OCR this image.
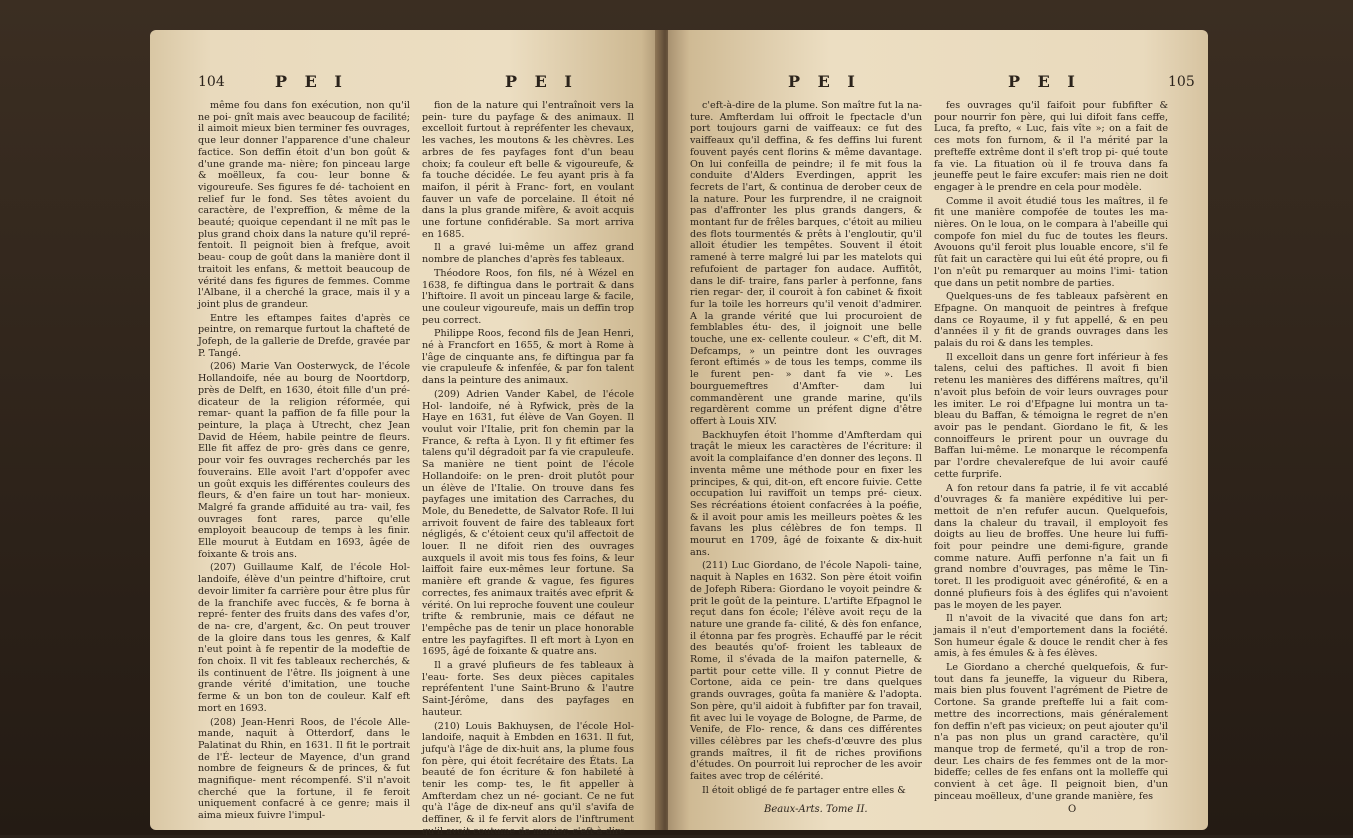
104	P E I	P E I

même fou dans fon exécution, non qu'il ne poi- gnît mais avec beaucoup de facilité; il aimoit mieux bien terminer fes ouvrages, que leur donner l'apparence d'une chaleur factice. Son deffin étoit d'un bon goût & d'une grande ma- nière; fon pinceau large & moëlleux, fa cou- leur bonne & vigoureufe. Ses figures fe dé- tachoient en relief fur le fond. Ses têtes avoient du caractère, de l'expreffion, & même de la beauté; quoique cependant il ne mît pas le plus grand choix dans la nature qu'il repré- fentoit. Il peignoit bien à frefque, avoit beau- coup de goût dans la manière dont il traitoit les enfans, & mettoit beaucoup de vérité dans fes figures de femmes. Comme l'Albane, il a cherché la grace, mais il y a joint plus de grandeur.

Entre les eftampes faites d'après ce peintre, on remarque furtout la chafteté de Jofeph, de la gallerie de Drefde, gravée par P. Tangé.

(206) Marie Van Oosterwyck, de l'école Hollandoife, née au bourg de Noortdorp, près de Delft, en 1630, étoit fille d'un pré- dicateur de la religion réformée, qui remar- quant la paffion de fa fille pour la peinture, la plaça à Utrecht, chez Jean David de Héem, habile peintre de fleurs. Elle fit affez de pro- grès dans ce genre, pour voir fes ouvrages recherchés par les fouverains. Elle avoit l'art d'oppofer avec un goût exquis les différentes couleurs des fleurs, & d'en faire un tout har- monieux. Malgré fa grande affiduité au tra- vail, fes ouvrages font rares, parce qu'elle employoit beaucoup de temps à les finir. Elle mourut à Eutdam en 1693, âgée de foixante & trois ans.

(207) Guillaume Kalf, de l'école Hol- landoife, élève d'un peintre d'hiftoire, crut devoir limiter fa carrière pour être plus fûr de la franchife avec fuccès, & fe borna à repré- fenter des fruits dans des vafes d'or, de na- cre, d'argent, &c. On peut trouver de la gloire dans tous les genres, & Kalf n'eut point à fe repentir de la modeftie de fon choix. Il vit fes tableaux recherchés, & ils continuent de l'être. Ils joignent à une grande vérité d'imitation, une touche ferme & un bon ton de couleur. Kalf eft mort en 1693.

(208) Jean-Henri Roos, de l'école Alle- mande, naquit à Otterdorf, dans le Palatinat du Rhin, en 1631. Il fit le portrait de l'É- lecteur de Mayence, d'un grand nombre de feigneurs & de princes, & fut magnifique- ment récompenfé. S'il n'avoit cherché que la fortune, il fe feroit uniquement confacré à ce genre; mais il aima mieux fuivre l'impul-

fion de la nature qui l'entraînoit vers la pein- ture du payfage & des animaux. Il excelloit furtout à repréfenter les chevaux, les vaches, les moutons & les chèvres. Les arbres de fes payfages font d'un beau choix; fa couleur eft belle & vigoureufe, & fa touche décidée. Le feu ayant pris à fa maifon, il périt à Franc- fort, en voulant fauver un vafe de porcelaine. Il étoit né dans la plus grande mifère, & avoit acquis une fortune confidérable. Sa mort arriva en 1685.

Il a gravé lui-même un affez grand nombre de planches d'après fes tableaux.

Théodore Roos, fon fils, né à Wézel en 1638, fe diftingua dans le portrait & dans l'hiftoire. Il avoit un pinceau large & facile, une couleur vigoureufe, mais un deffin trop peu correct.

Philippe Roos, fecond fils de Jean Henri, né à Francfort en 1655, & mort à Rome à l'âge de cinquante ans, fe diftingua par fa vie crapuleufe & infenfée, & par fon talent dans la peinture des animaux.

(209) Adrien Vander Kabel, de l'école Hol- landoife, né à Ryfwick, près de la Haye en 1631, fut élève de Van Goyen. Il voulut voir l'Italie, prit fon chemin par la France, & refta à Lyon. Il y fit eftimer fes talens qu'il dégradoit par fa vie crapuleufe. Sa manière ne tient point de l'école Hollandoife: on le pren- droit plutôt pour un élève de l'Italie. On trouve dans fes payfages une imitation des Carraches, du Mole, du Benedette, de Salvator Rofe. Il lui arrivoit fouvent de faire des tableaux fort négligés, & c'étoient ceux qu'il affectoit de louer. Il ne difoit rien des ouvrages auxquels il avoit mis tous fes foins, & leur laiffoit faire eux-mêmes leur fortune. Sa manière eft grande & vague, fes figures correctes, fes animaux traités avec efprit & vérité. On lui reproche fouvent une couleur trifte & rembrunie, mais ce défaut ne l'empêche pas de tenir un place honorable entre les payfagiftes. Il eft mort à Lyon en 1695, âgé de foixante & quatre ans.

Il a gravé plufieurs de fes tableaux à l'eau- forte. Ses deux pièces capitales repréfentent l'une Saint-Bruno & l'autre Saint-Jérôme, dans des payfages en hauteur.

(210) Louis Bakhuysen, de l'école Hol- landoife, naquit à Embden en 1631. Il fut, jufqu'à l'âge de dix-huit ans, la plume fous fon père, qui étoit fecrétaire des États. La beauté de fon écriture & fon habileté à tenir les comp- tes, le fit appeller à Amfterdam chez un né- gociant. Ce ne fut qu'à l'âge de dix-neuf ans qu'il s'avifa de deffiner, & il fe fervit alors de l'inftrument qu'il avoit coutume de manier, c'eft-à-dire

P E I	P E I	105

c'eft-à-dire de la plume. Son maître fut la na- ture. Amfterdam lui offroit le fpectacle d'un port toujours garni de vaiffeaux: ce fut des vaiffeaux qu'il deffina, & fes deffins lui furent fouvent payés cent florins & même davantage. On lui confeilla de peindre; il fe mit fous la conduite d'Alders Everdingen, apprit les fecrets de l'art, & continua de derober ceux de la nature. Pour les furprendre, il ne craignoit pas d'affronter les plus grands dangers, & montant fur de frêles barques, c'étoit au milieu des flots tourmentés & prêts à l'engloutir, qu'il alloit étudier les tempêtes. Souvent il étoit ramené à terre malgré lui par les matelots qui refufoient de partager fon audace. Auffitôt, dans le dif- traire, fans parler à perfonne, fans rien regar- der, il couroit à fon cabinet & fixoit fur la toile les horreurs qu'il venoit d'admirer. A la grande vérité que lui procuroient de femblables étu- des, il joignoit une belle touche, une ex- cellente couleur. « C'eft, dit M. Defcamps, » un peintre dont les ouvrages feront eftimés » de tous les temps, comme ils le furent pen- » dant fa vie ». Les bourguemeftres d'Amfter- dam lui commandèrent une grande marine, qu'ils regardèrent comme un préfent digne d'être offert à Louis XIV.

Backhuyfen étoit l'homme d'Amfterdam qui traçât le mieux les caractères de l'écriture: il avoit la complaifance d'en donner des leçons. Il inventa même une méthode pour en fixer les principes, & qui, dit-on, eft encore fuivie. Cette occupation lui raviffoit un temps pré- cieux. Ses récréations étoient confacrées à la poéfie, & il avoit pour amis les meilleurs poètes & les favans les plus célèbres de fon temps. Il mourut en 1709, âgé de foixante & dix-huit ans.

(211) Luc Giordano, de l'école Napoli- taine, naquit à Naples en 1632. Son père étoit voifin de Jofeph Ribera: Giordano le voyoit peindre & prit le goût de la peinture. L'artifte Efpagnol le reçut dans fon école; l'élève avoit reçu de la nature une grande fa- cilité, & dès fon enfance, il étonna par fes progrès. Echauffé par le récit des beautés qu'of- froient les tableaux de Rome, il s'évada de la maifon paternelle, & partit pour cette ville. Il y connut Pietre de Cortone, aida ce pein- tre dans quelques grands ouvrages, goûta fa manière & l'adopta. Son père, qu'il aidoit à fubfifter par fon travail, fit avec lui le voyage de Bologne, de Parme, de Venife, de Flo- rence, & dans ces différentes villes célèbres par les chefs-d'œuvre des plus grands maîtres, il fit de riches provifions d'études. On pourroit lui reprocher de les avoir faites avec trop de célérité.

Il étoit obligé de fe partager entre elles &

fes ouvrages qu'il faifoit pour fubfifter & pour nourrir fon père, qui lui difoit fans ceffe, Luca, fa prefto, « Luc, fais vîte »; on a fait de ces mots fon furnom, & il l'a mérité par la prefteffe extrême dont il s'eft trop pi- qué toute fa vie. La fituation où il fe trouva dans fa jeuneffe peut le faire excufer: mais rien ne doit engager à le prendre en cela pour modèle.

Comme il avoit étudié tous les maîtres, il fe fit une manière compofée de toutes les ma- nières. On le loua, on le compara à l'abeille qui compofe fon miel du fuc de toutes les fleurs. Avouons qu'il feroit plus louable encore, s'il fe fût fait un caractère qui lui eût été propre, ou fi l'on n'eût pu remarquer au moins l'imi- tation que dans un petit nombre de parties.

Quelques-uns de fes tableaux pafsèrent en Efpagne. On manquoit de peintres à frefque dans ce Royaume, il y fut appellé, & en peu d'années il y fit de grands ouvrages dans les palais du roi & dans les temples.

Il excelloit dans un genre fort inférieur à fes talens, celui des paftiches. Il avoit fi bien retenu les manières des différens maîtres, qu'il n'avoit plus befoin de voir leurs ouvrages pour les imiter. Le roi d'Efpagne lui montra un ta- bleau du Baffan, & témoigna le regret de n'en avoir pas le pendant. Giordano le fit, & les connoiffeurs le prirent pour un ouvrage du Baffan lui-même. Le monarque le récompenfa par l'ordre chevalerefque de lui avoir caufé cette furprife.

A fon retour dans fa patrie, il fe vit accablé d'ouvrages & fa manière expéditive lui per- mettoit de n'en refufer aucun. Quelquefois, dans la chaleur du travail, il employoit fes doigts au lieu de broffes. Une heure lui fuffi- foit pour peindre une demi-figure, grande comme nature. Auffi perfonne n'a fait un fi grand nombre d'ouvrages, pas même le Tin- toret. Il les prodiguoit avec générofité, & en a donné plufieurs fois à des églifes qui n'avoient pas le moyen de les payer.

Il n'avoit de la vivacité que dans fon art; jamais il n'eut d'emportement dans la fociété. Son humeur égale & douce le rendit cher à fes amis, à fes émules & à fes élèves.

Le Giordano a cherché quelquefois, & fur- tout dans fa jeuneffe, la vigueur du Ribera, mais bien plus fouvent l'agrément de Pietre de Cortone. Sa grande prefteffe lui a fait com- mettre des incorrections, mais généralement fon deffin n'eft pas vicieux; on peut ajouter qu'il n'a pas non plus un grand caractère, qu'il manque trop de fermeté, qu'il a trop de ron- deur. Les chairs de fes femmes ont de la mor- bideffe; celles de fes enfans ont la molleffe qui convient à cet âge. Il peignoit bien, d'un pinceau moëlleux, d'une grande manière, fes

Beaux-Arts. Tome II.	O
